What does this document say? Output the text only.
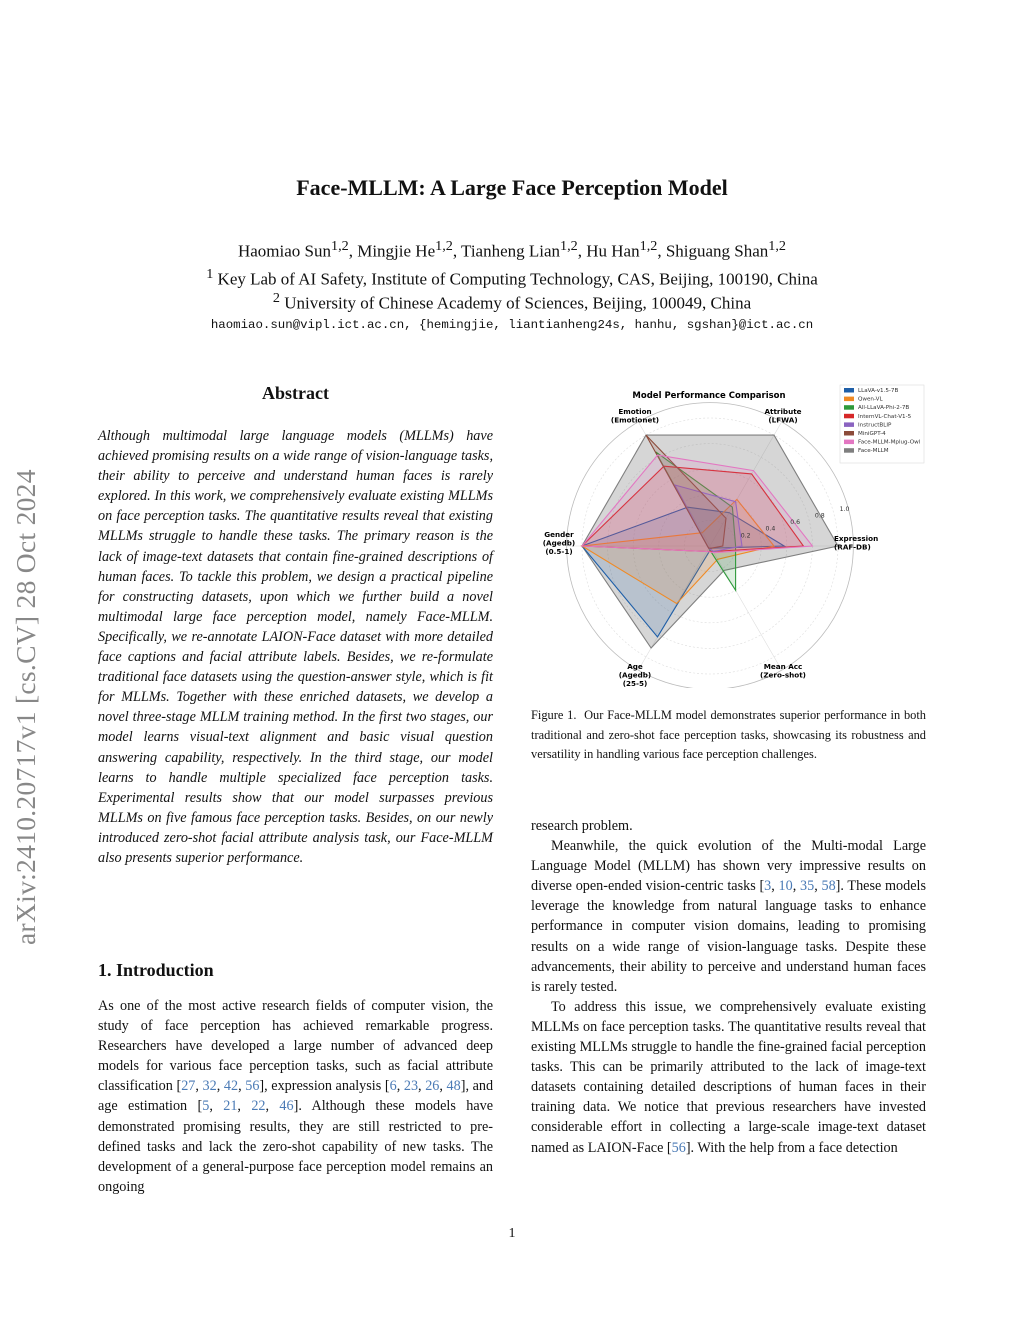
Face-MLLM: A Large Face Perception Model
Haomiao Sun$^{1,2}$, Mingjie He$^{1,2}$, Tianheng Lian$^{1,2}$, Hu Han$^{1,2}$, Shiguang Shan$^{1,2}$
$^1$ Key Lab of AI Safety, Institute of Computing Technology, CAS, Beijing, 100190, China
$^2$ University of Chinese Academy of Sciences, Beijing, 100049, China
haomiao.sun@vipl.ict.ac.cn, {hemingjie, liantianheng24s, hanhu, sgshan}@ict.ac.cn
arXiv:2410.20717v1 [cs.CV] 28 Oct 2024
Abstract
Although multimodal large language models (MLLMs) have achieved promising results on a wide range of vision-language tasks, their ability to perceive and understand human faces is rarely explored. In this work, we comprehensively evaluate existing MLLMs on face perception tasks. The quantitative results reveal that existing MLLMs struggle to handle these tasks. The primary reason is the lack of image-text datasets that contain fine-grained descriptions of human faces. To tackle this problem, we design a practical pipeline for constructing datasets, upon which we further build a novel multimodal large face perception model, namely Face-MLLM. Specifically, we re-annotate LAION-Face dataset with more detailed face captions and facial attribute labels. Besides, we re-formulate traditional face datasets using the question-answer style, which is fit for MLLMs. Together with these enriched datasets, we develop a novel three-stage MLLM training method. In the first two stages, our model learns visual-text alignment and basic visual question answering capability, respectively. In the third stage, our model learns to handle multiple specialized face perception tasks. Experimental results show that our model surpasses previous MLLMs on five famous face perception tasks. Besides, on our newly introduced zero-shot facial attribute analysis task, our Face-MLLM also presents superior performance.
1. Introduction
As one of the most active research fields of computer vision, the study of face perception has achieved remarkable progress. Researchers have developed a large number of advanced deep models for various face perception tasks, such as facial attribute classification [27, 32, 42, 56], expression analysis [6, 23, 26, 48], and age estimation [5, 21, 22, 46]. Although these models have demonstrated promising results, they are still restricted to pre-defined tasks and lack the zero-shot capability of new tasks. The development of a general-purpose face perception model remains an ongoing
Figure 1. Our Face-MLLM model demonstrates superior performance in both traditional and zero-shot face perception tasks, showcasing its robustness and versatility in handling various face perception challenges.

research problem.

Meanwhile, the quick evolution of the Multi-modal Large Language Model (MLLM) has shown very impressive results on diverse open-ended vision-centric tasks [3, 10, 35, 58]. These models leverage the knowledge from natural language tasks to enhance performance in computer vision domains, leading to promising results on a wide range of vision-language tasks. Despite these advancements, their ability to perceive and understand human faces is rarely tested.

To address this issue, we comprehensively evaluate existing MLLMs on face perception tasks. The quantitative results reveal that existing MLLMs struggle to handle the fine-grained facial perception tasks. This can be primarily attributed to the lack of image-text datasets containing detailed descriptions of human faces in their training data. We notice that previous researchers have invested considerable effort in collecting a large-scale image-text dataset named as LAION-Face [56]. With the help from a face detection

Model Performance Comparison
Emotion (Emotionet)
Attribute (LFWA)
Expression (RAF-DB)
Mean Acc (Zero-shot)
Age (Agedb) (25-5)
Gender (Agedb) (0.5-1)
0.2
0.4
0.6
0.8
1.0
LLaVA-v1.5-7B
Qwen-VL
All-LLaVA-Phi-2-7B
InternVL-Chat-V1-5
InstructBLIP
MiniGPT-4
Face-MLLM-Mplug-Owl
Face-MLLM
1
